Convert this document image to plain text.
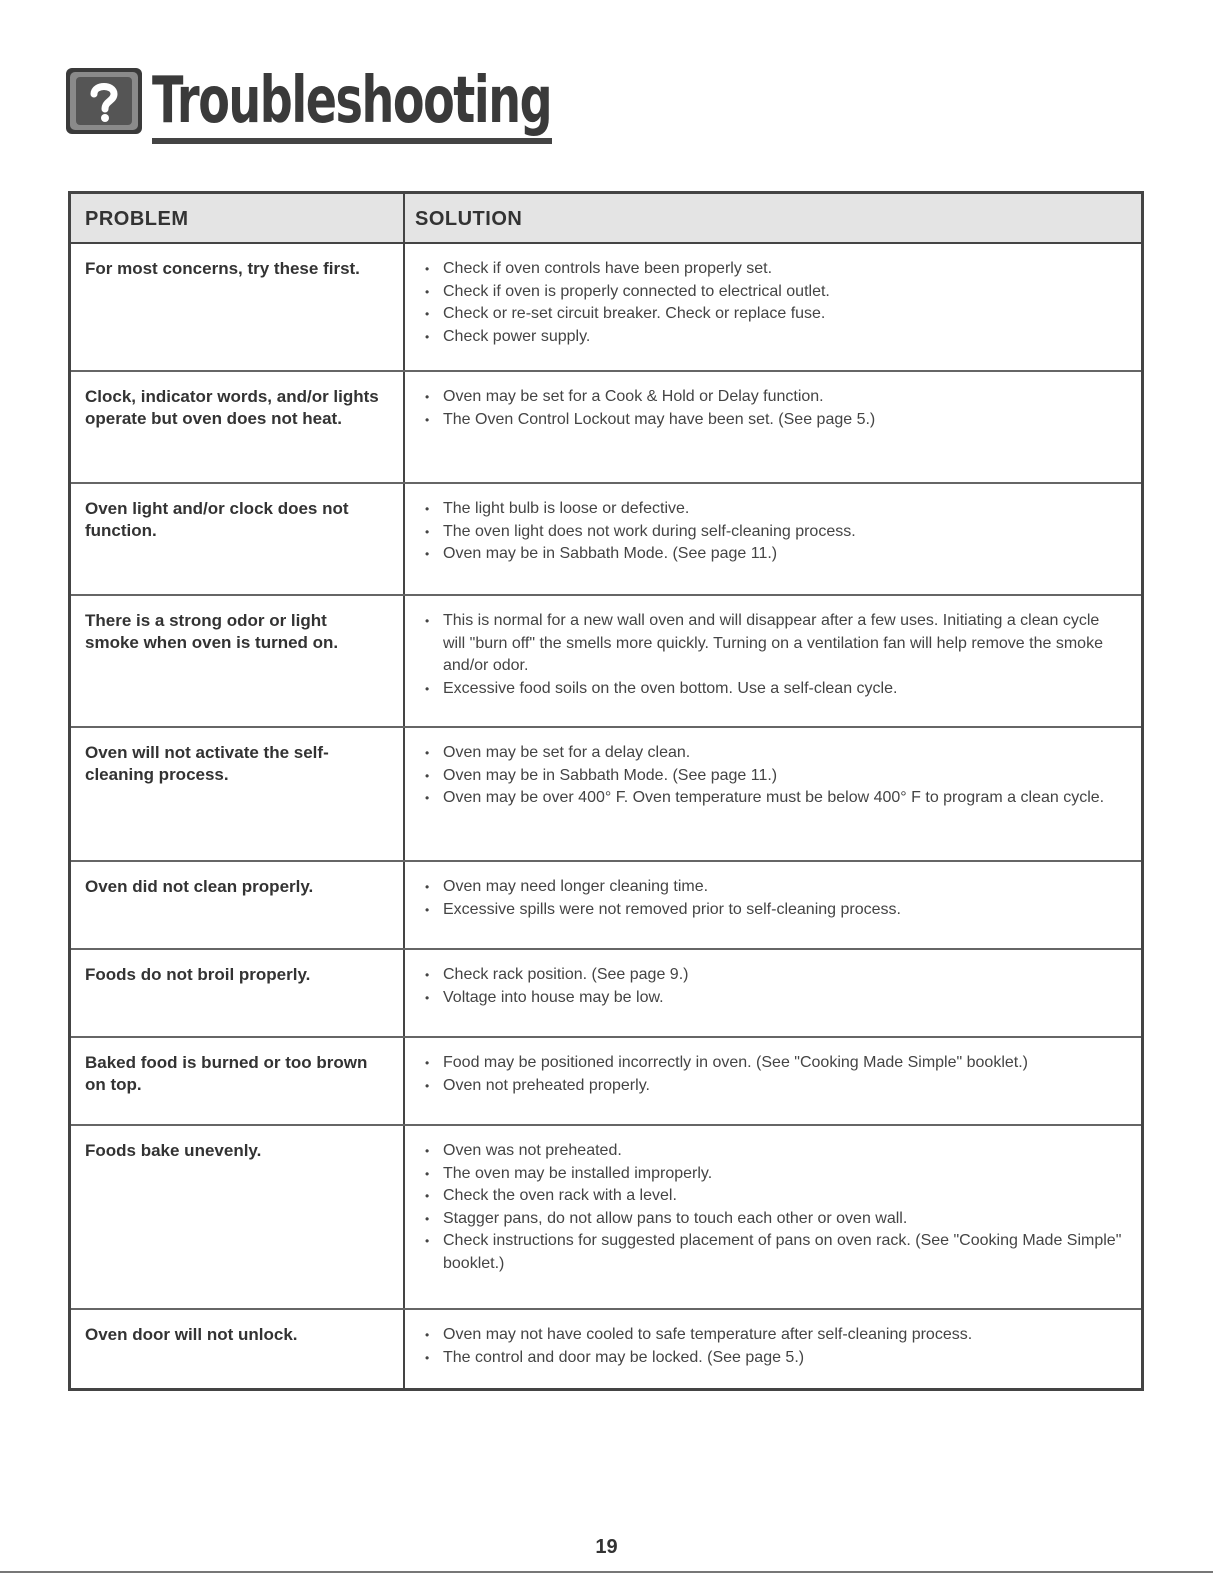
Troubleshooting
PROBLEM	SOLUTION
For most concerns, try these first.	• Check if oven controls have been properly set.
• Check if oven is properly connected to electrical outlet.
• Check or re-set circuit breaker. Check or replace fuse.
• Check power supply.
Clock, indicator words, and/or lights operate but oven does not heat.
• Oven may be set for a Cook & Hold or Delay function.
• The Oven Control Lockout may have been set. (See page 5.)
Oven light and/or clock does not function.
• The light bulb is loose or defective.
• The oven light does not work during self-cleaning process.
• Oven may be in Sabbath Mode. (See page 11.)
There is a strong odor or light smoke when oven is turned on.
• This is normal for a new wall oven and will disappear after a few uses. Initiating a clean cycle will "burn off" the smells more quickly. Turning on a ventilation fan will help remove the smoke and/or odor.
• Excessive food soils on the oven bottom. Use a self-clean cycle.
Oven will not activate the self-cleaning process.
• Oven may be set for a delay clean.
• Oven may be in Sabbath Mode. (See page 11.)
• Oven may be over 400° F. Oven temperature must be below 400° F to program a clean cycle.
Oven did not clean properly.	• Oven may need longer cleaning time.
• Excessive spills were not removed prior to self-cleaning process.
Foods do not broil properly.	• Check rack position. (See page 9.)
• Voltage into house may be low.
Baked food is burned or too brown on top.
• Food may be positioned incorrectly in oven. (See "Cooking Made Simple" booklet.)
• Oven not preheated properly.
Foods bake unevenly.	• Oven was not preheated.
• The oven may be installed improperly.
• Check the oven rack with a level.
• Stagger pans, do not allow pans to touch each other or oven wall.
• Check instructions for suggested placement of pans on oven rack. (See "Cooking Made Simple" booklet.)
Oven door will not unlock.	• Oven may not have cooled to safe temperature after self-cleaning process.
• The control and door may be locked. (See page 5.)
19
